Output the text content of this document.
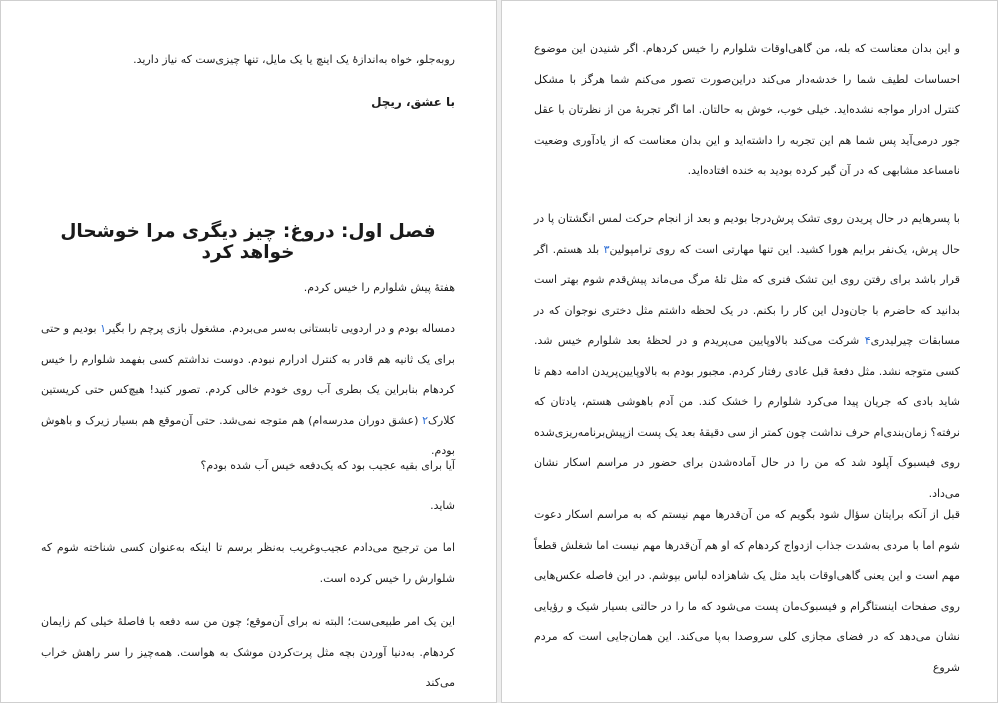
روبه‌جلو، خواه به‌اندازهٔ یک اینچ یا یک مایل، تنها چیزی‌ست که نیاز دارید.

با عشق، ریچل

فصل اول: دروغ: چیز دیگری مرا خوشحال خواهد کرد

هفتهٔ پیش شلوارم را خیس کردم.

دمساله بودم و در اردویی تابستانی به‌سر می‌بردم. مشغول بازی پرچم را بگیر۱ بودیم و حتی برای یک ثانیه هم قادر به کنترل ادرارم نبودم. دوست نداشتم کسی بفهمد شلوارم را خیس کردهام بنابراین یک بطری آب روی خودم خالی کردم. تصور کنید! هیچ‌کس حتی کریستین کلارک۲ (عشق دوران مدرسه‌ام) هم متوجه نمی‌شد. حتی آن‌موقع هم بسیار زیرک و باهوش بودم.

آیا برای بقیه عجیب بود که یک‌دفعه خیس آب شده بودم؟

شاید.

اما من ترجیح می‌دادم عجیب‌وغریب به‌نظر برسم تا اینکه به‌عنوان کسی شناخته شوم که شلوارش را خیس کرده است.

این یک امر طبیعی‌ست؛ البته نه برای آن‌موقع؛ چون من سه دفعه با فاصلهٔ خیلی کم زایمان کردهام. به‌دنیا آوردن بچه مثل پرت‌کردن موشک به هواست. همه‌چیز را سر راهش خراب می‌کند

و این بدان معناست که بله، من گاهی‌اوقات شلوارم را خیس کردهام. اگر شنیدن این موضوع احساسات لطیف شما را خدشه‌دار می‌کند دراین‌صورت تصور می‌کنم شما هرگز با مشکل کنترل ادرار مواجه نشده‌اید. خیلی خوب، خوش به حالتان. اما اگر تجربهٔ من از نظرتان با عقل جور درمی‌آید پس شما هم این تجربه را داشته‌اید و این بدان معناست که از یادآوری وضعیت نامساعد مشابهی که در آن گیر کرده بودید به خنده افتاده‌اید.

با پسرهایم در حال پریدن روی تشک پرش‌درجا بودیم و بعد از انجام حرکت لمس انگشتان پا در حال پرش، یک‌نفر برایم هورا کشید. این تنها مهارتی است که روی ترامپولین۳ بلد هستم. اگر قرار باشد برای رفتن روی این تشک فنری که مثل تلهٔ مرگ می‌ماند پیش‌قدم شوم بهتر است بدانید که حاضرم با جان‌ودل این کار را بکنم. در یک لحظه داشتم مثل دختری نوجوان که در مسابقات چیرلیدری۴ شرکت می‌کند بالاوپایین می‌پریدم و در لحظهٔ بعد شلوارم خیس شد. کسی متوجه نشد. مثل دفعهٔ قبل عادی رفتار کردم. مجبور بودم به بالاوپایین‌پریدن ادامه دهم تا شاید بادی که جریان پیدا می‌کرد شلوارم را خشک کند. من آدم باهوشی هستم، یادتان که نرفته؟ زمان‌بندی‌ام حرف نداشت چون کمتر از سی دقیقهٔ بعد یک پست ازپیش‌برنامه‌ریزی‌شده روی فیسبوک آپلود شد که من را در حال آماده‌شدن برای حضور در مراسم اسکار نشان می‌داد.

قبل از آنکه برایتان سؤال شود بگویم که من آن‌قدرها مهم نیستم که به مراسم اسکار دعوت شوم اما با مردی به‌شدت جذاب ازدواج کردهام که او هم آن‌قدرها مهم نیست اما شغلش قطعاً مهم است و این یعنی گاهی‌اوقات باید مثل یک شاهزاده لباس بپوشم. در این فاصله عکس‌هایی روی صفحات اینستاگرام و فیسبوک‌مان پست می‌شود که ما را در حالتی بسیار شیک و رؤیایی نشان می‌دهد که در فضای مجازی کلی سروصدا به‌پا می‌کند. این همان‌جایی است که مردم شروع
